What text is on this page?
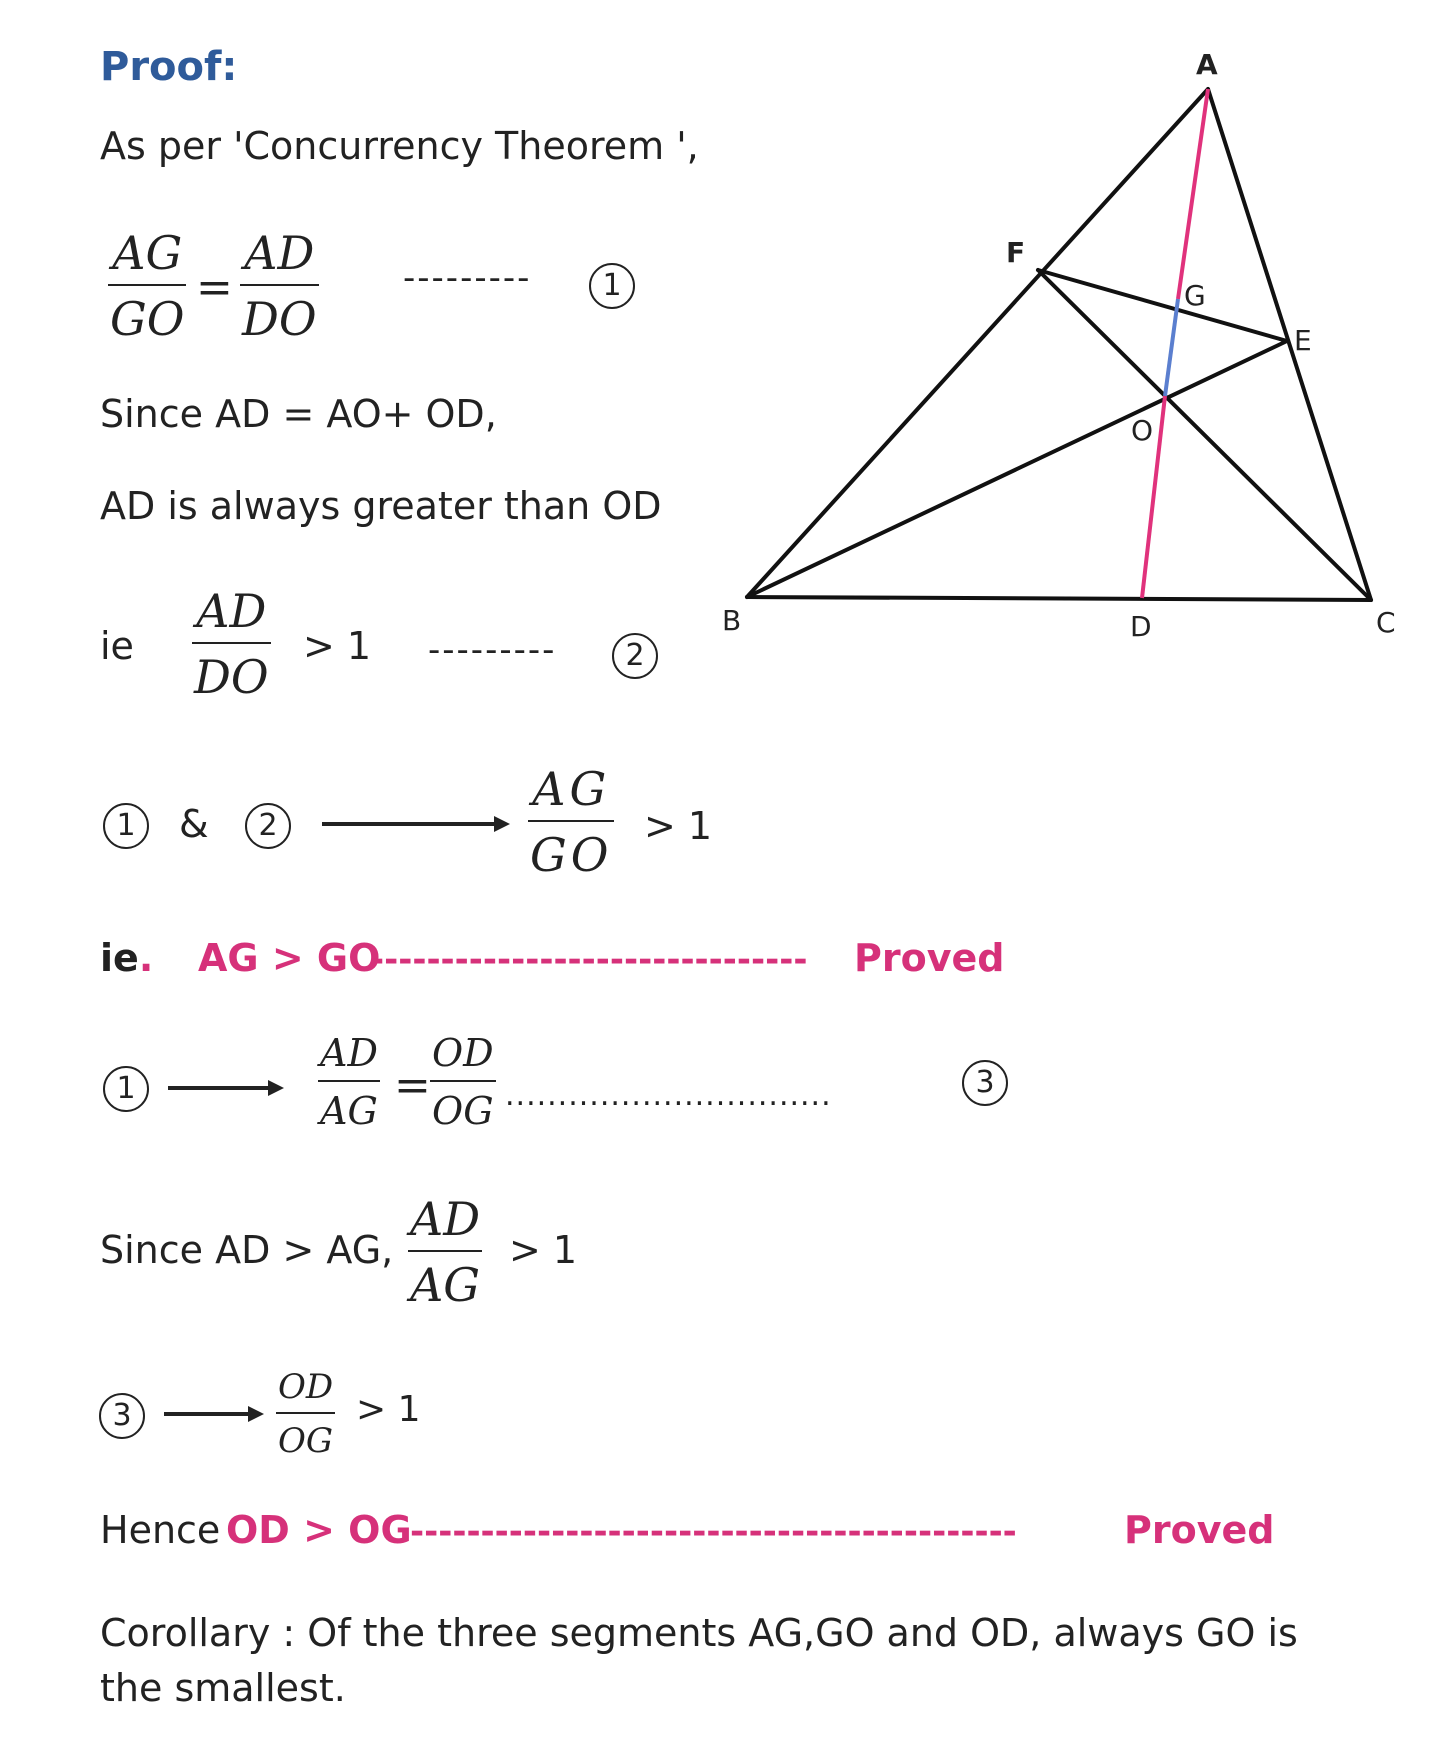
Proof:
As per 'Concurrency Theorem ',
$\frac{AG}{GO} = \frac{AD}{DO}$ --------- 1
Since AD = AO+ OD,
AD is always greater than OD
ie $\frac{AD}{DO} > 1$ --------- 2
1 & 2	$\frac{AG}{GO} > 1$
ie. AG > GO
------------------------------- Proved
1	$\frac{AD}{AG} = \frac{OD}{OG}$ ...............................	3
Since AD > AG, $\frac{AD}{AG} > 1$
3	$\frac{OD}{OG} > 1$
Hence OD > OG
-------------------------------------------	Proved
Corollary : Of the three segments AG,GO and OD, always GO is the smallest.
A
B	C
D
E
F
G
O
